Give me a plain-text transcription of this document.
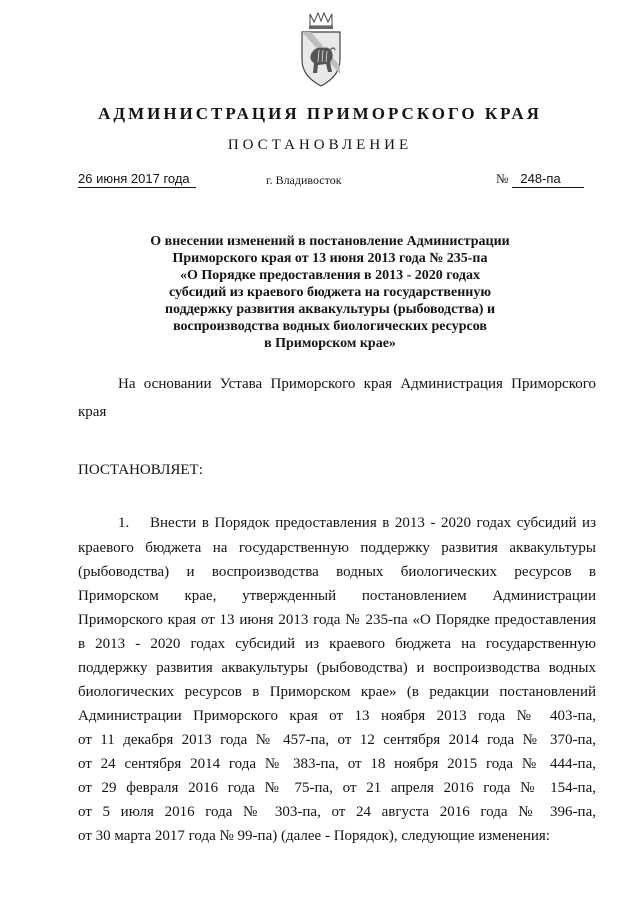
АДМИНИСТРАЦИЯ ПРИМОРСКОГО КРАЯ
ПОСТАНОВЛЕНИЕ
26 июня 2017 года	г. Владивосток	№ 248-па
О внесении изменений в постановление Администрации
Приморского края от 13 июня 2013 года № 235-па
«О Порядке предоставления в 2013 - 2020 годах
субсидий из краевого бюджета на государственную
поддержку развития аквакультуры (рыбоводства) и
воспроизводства водных биологических ресурсов
в Приморском крае»
На основании Устава Приморского края Администрация Приморского
края
ПОСТАНОВЛЯЕТ:
1. Внести в Порядок предоставления в 2013 - 2020 годах субсидий из
краевого бюджета на государственную поддержку развития аквакультуры
(рыбоводства) и воспроизводства водных биологических ресурсов в
Приморском крае, утвержденный постановлением Администрации
Приморского края от 13 июня 2013 года № 235-па «О Порядке предоставления
в 2013 - 2020 годах субсидий из краевого бюджета на государственную
поддержку развития аквакультуры (рыбоводства) и воспроизводства водных
биологических ресурсов в Приморском крае» (в редакции постановлений
Администрации Приморского края от 13 ноября 2013 года № 403-па,
от 11 декабря 2013 года № 457-па, от 12 сентября 2014 года № 370-па,
от 24 сентября 2014 года № 383-па, от 18 ноября 2015 года № 444-па,
от 29 февраля 2016 года № 75-па, от 21 апреля 2016 года № 154-па,
от 5 июля 2016 года № 303-па, от 24 августа 2016 года № 396-па,
от 30 марта 2017 года № 99-па) (далее - Порядок), следующие изменения:
